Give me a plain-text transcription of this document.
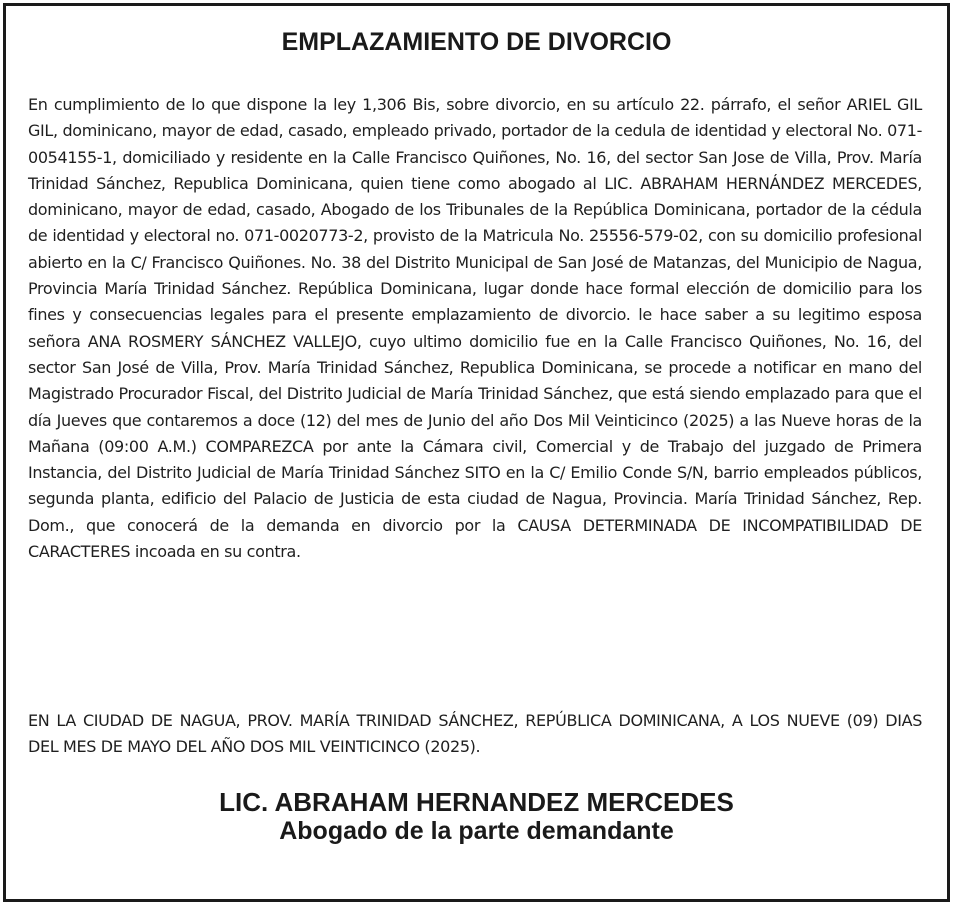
EMPLAZAMIENTO DE DIVORCIO

En cumplimiento de lo que dispone la ley 1,306 Bis, sobre divorcio, en su artículo 22. párrafo, el señor ARIEL GIL GIL, dominicano, mayor de edad, casado, empleado privado, portador de la cedula de identidad y electoral No. 071-0054155-1, domiciliado y residente en la Calle Francisco Quiñones, No. 16, del sector San Jose de Villa, Prov. María Trinidad Sánchez, Republica Dominicana, quien tiene como abogado al LIC. ABRAHAM HERNÁNDEZ MERCEDES, dominicano, mayor de edad, casado, Abogado de los Tribunales de la República Dominicana, portador de la cédula de identidad y electoral no. 071-0020773-2, provisto de la Matricula No. 25556-579-02, con su domicilio profesional abierto en la C/ Francisco Quiñones. No. 38 del Distrito Municipal de San José de Matanzas, del Municipio de Nagua, Provincia María Trinidad Sánchez. República Dominicana, lugar donde hace formal elección de domicilio para los fines y consecuencias legales para el presente emplazamiento de divorcio. le hace saber a su legitimo esposa señora ANA ROSMERY SÁNCHEZ VALLEJO, cuyo ultimo domicilio fue en la Calle Francisco Quiñones, No. 16, del sector San José de Villa, Prov. María Trinidad Sánchez, Republica Dominicana, se procede a notificar en mano del Magistrado Procurador Fiscal, del Distrito Judicial de María Trinidad Sánchez, que está siendo emplazado para que el día Jueves que contaremos a doce (12) del mes de Junio del año Dos Mil Veinticinco (2025) a las Nueve horas de la Mañana (09:00 A.M.) COMPAREZCA por ante la Cámara civil, Comercial y de Trabajo del juzgado de Primera Instancia, del Distrito Judicial de María Trinidad Sánchez SITO en la C/ Emilio Conde S/N, barrio empleados públicos, segunda planta, edificio del Palacio de Justicia de esta ciudad de Nagua, Provincia. María Trinidad Sánchez, Rep. Dom., que conocerá de la demanda en divorcio por la CAUSA DETERMINADA DE INCOMPATIBILIDAD DE CARACTERES incoada en su contra.

EN LA CIUDAD DE NAGUA, PROV. MARÍA TRINIDAD SÁNCHEZ, REPÚBLICA DOMINICANA, A LOS NUEVE (09) DIAS DEL MES DE MAYO DEL AÑO DOS MIL VEINTICINCO (2025).

LIC. ABRAHAM HERNANDEZ MERCEDES
Abogado de la parte demandante
